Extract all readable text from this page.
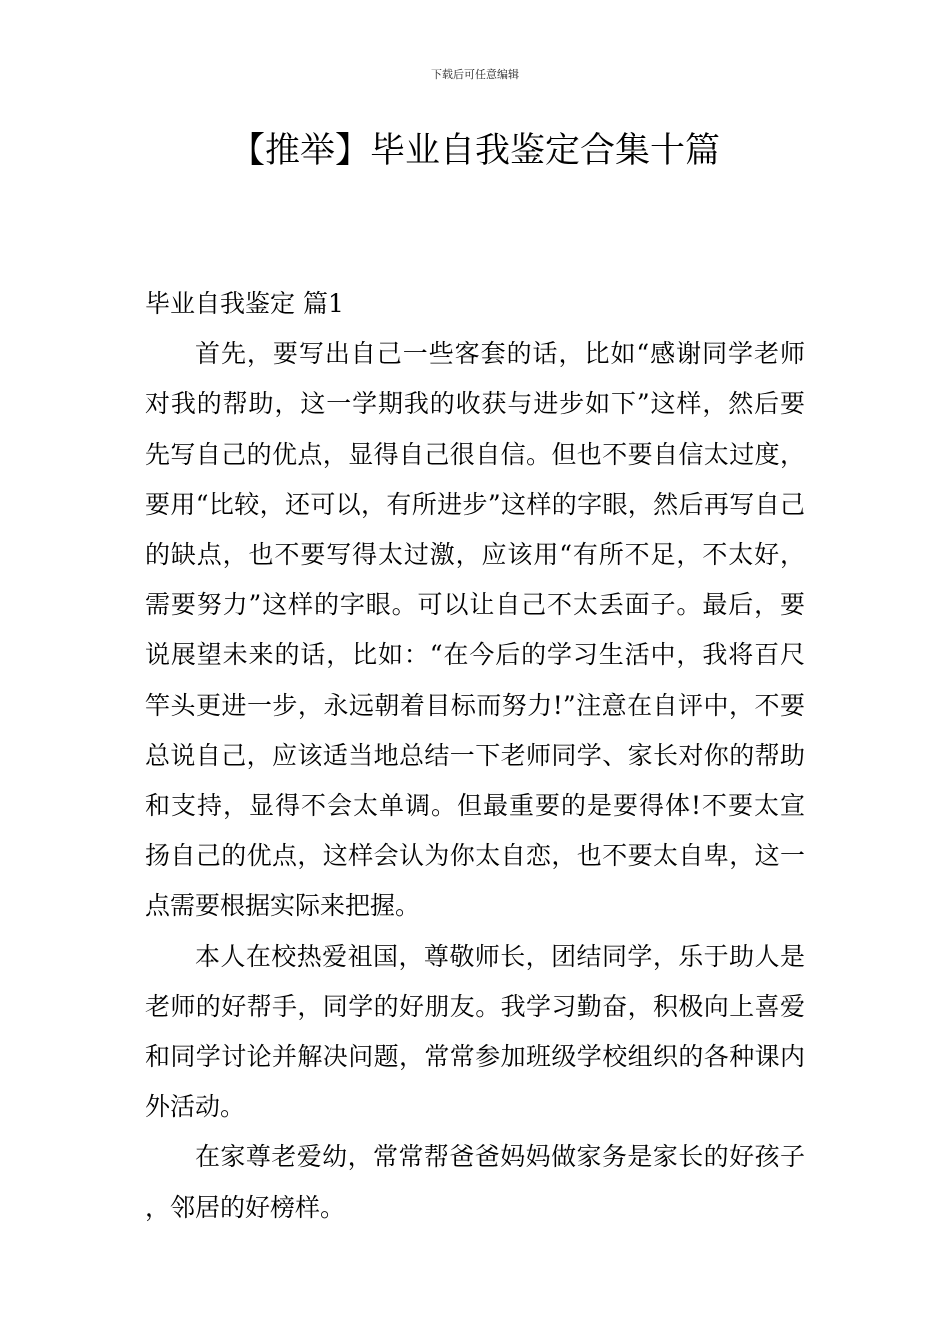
下载后可任意编辑
【推举】毕业自我鉴定合集十篇
毕业自我鉴定 篇1

首先，要写出自己一些客套的话，比如“感谢同学老师对我的帮助，这一学期我的收获与进步如下”这样，然后要先写自己的优点，显得自己很自信。但也不要自信太过度，要用“比较，还可以，有所进步”这样的字眼，然后再写自己的缺点，也不要写得太过激，应该用“有所不足，不太好，需要努力”这样的字眼。可以让自己不太丢面子。最后，要说展望未来的话，比如：“在今后的学习生活中，我将百尺竿头更进一步，永远朝着目标而努力!”注意在自评中，不要总说自己，应该适当地总结一下老师同学、家长对你的帮助和支持，显得不会太单调。但最重要的是要得体!不要太宣扬自己的优点，这样会认为你太自恋，也不要太自卑，这一点需要根据实际来把握。

本人在校热爱祖国，尊敬师长，团结同学，乐于助人是老师的好帮手，同学的好朋友。我学习勤奋，积极向上喜爱和同学讨论并解决问题，常常参加班级学校组织的各种课内外活动。

在家尊老爱幼，常常帮爸爸妈妈做家务是家长的好孩子，邻居的好榜样。
